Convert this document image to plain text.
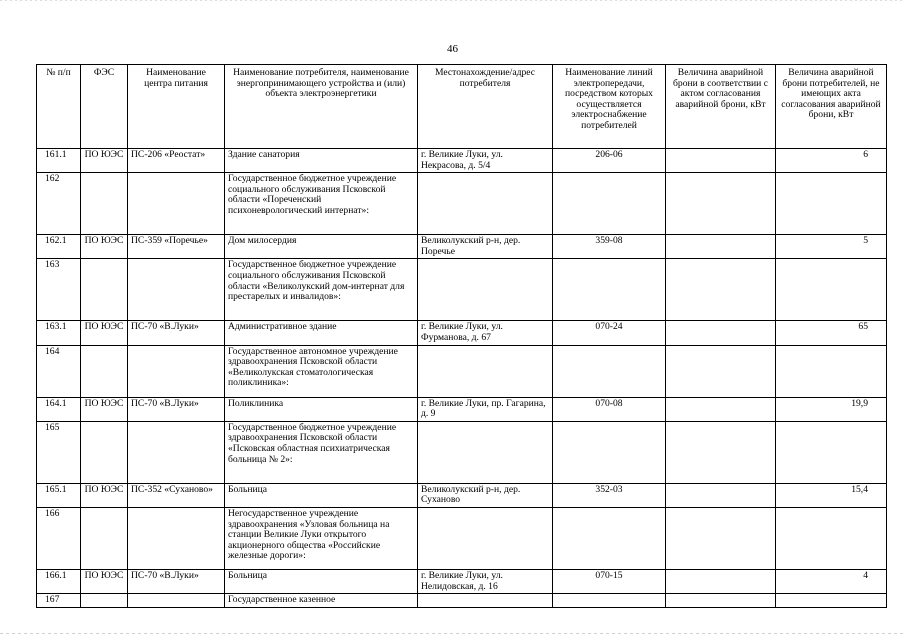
46
№ п/п	ФЭС	Наименование центра питания	Наименование потребителя, наименование энергопринимающего устройства и (или) объекта электроэнергетики	Местонахождение/адрес потребителя	Наименование линий электропередачи, посредством которых осуществляется электроснабжение потребителей	Величина аварийной брони в соответствии с актом согласования аварийной брони, кВт	Величина аварийной брони потребителей, не имеющих акта согласования аварийной брони, кВт
161.1	ПО ЮЭС	ПС-206 «Реостат»	Здание санатория	г. Великие Луки, ул. Некрасова, д. 5/4	206-06		6
162			Государственное бюджетное учреждение социального обслуживания Псковской области «Пореченский психоневрологический интернат»:				
162.1	ПО ЮЭС	ПС-359 «Поречье»	Дом милосердия	Великолукский р-н, дер. Поречье	359-08		5
163			Государственное бюджетное учреждение социального обслуживания Псковской области «Великолукский дом-интернат для престарелых и инвалидов»:				
163.1	ПО ЮЭС	ПС-70 «В.Луки»	Административное здание	г. Великие Луки, ул. Фурманова, д. 67	070-24		65
164			Государственное автономное учреждение здравоохранения Псковской области «Великолукская стоматологическая поликлиника»:				
164.1	ПО ЮЭС	ПС-70 «В.Луки»	Поликлиника	г. Великие Луки, пр. Гагарина, д. 9	070-08		19,9
165			Государственное бюджетное учреждение здравоохранения Псковской области «Псковская областная психиатрическая больница № 2»:				
165.1	ПО ЮЭС	ПС-352 «Суханово»	Больница	Великолукский р-н, дер. Суханово	352-03		15,4
166			Негосударственное учреждение здравоохранения «Узловая больница на станции Великие Луки открытого акционерного общества «Российские железные дороги»:				
166.1	ПО ЮЭС	ПС-70 «В.Луки»	Больница	г. Великие Луки, ул. Нелидовская, д. 16	070-15		4
167			Государственное казенное				
